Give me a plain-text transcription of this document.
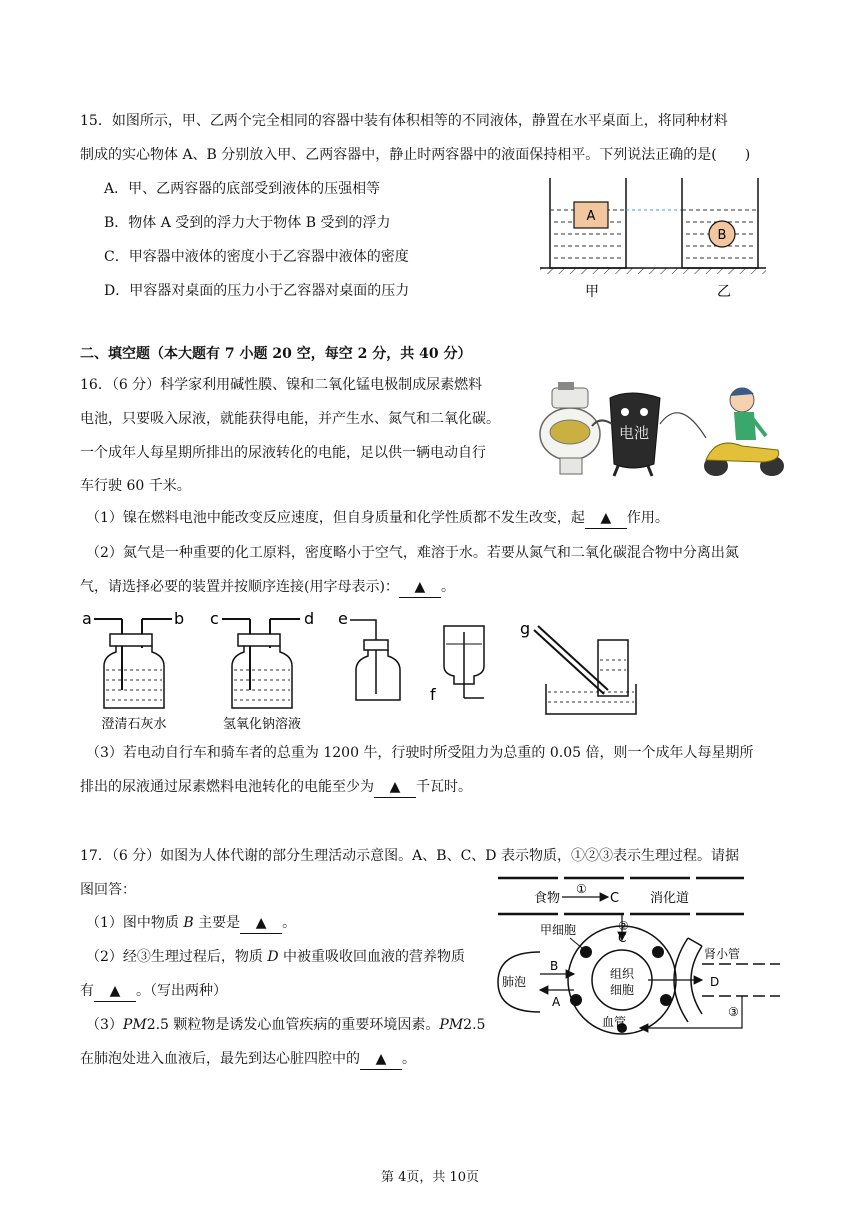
15．如图所示，甲、乙两个完全相同的容器中装有体积相等的不同液体，静置在水平桌面上，将同种材料
制成的实心物体 A、B 分别放入甲、乙两容器中，静止时两容器中的液面保持相平。下列说法正确的是(　　)
A．甲、乙两容器的底部受到液体的压强相等
B．物体 A 受到的浮力大于物体 B 受到的浮力
C．甲容器中液体的密度小于乙容器中液体的密度
D．甲容器对桌面的压力小于乙容器对桌面的压力
A
B
甲	乙
二、填空题（本大题有 7 小题 20 空，每空 2 分，共 40 分）
16．（6 分）科学家利用碱性膜、镍和二氧化锰电极制成尿素燃料
电池，只要吸入尿液，就能获得电能，并产生水、氮气和二氧化碳。
一个成年人每星期所排出的尿液转化的电能，足以供一辆电动自行
车行驶 60 千米。
电池
（1）镍在燃料电池中能改变反应速度，但自身质量和化学性质都不发生改变，起 ▲ 作用。
（2）氮气是一种重要的化工原料，密度略小于空气，难溶于水。若要从氮气和二氧化碳混合物中分离出氮
气，请选择必要的装置并按顺序连接(用字母表示)： ▲ 。
a	b
澄清石灰水
c	d
氢氧化钠溶液
e
f
g
（3）若电动自行车和骑车者的总重为 1200 牛，行驶时所受阻力为总重的 0.05 倍，则一个成年人每星期所
排出的尿液通过尿素燃料电池转化的电能至少为 ▲ 千瓦时。
17．（6 分）如图为人体代谢的部分生理活动示意图。A、B、C、D 表示物质，①②③表示生理过程。请据
图回答：
（1）图中物质 B 主要是 ▲ 。
（2）经③生理过程后，物质 D 中被重吸收回血液的营养物质
有 ▲ 。（写出两种）
（3）PM2.5 颗粒物是诱发心血管疾病的重要环境因素。PM2.5
在肺泡处进入血液后，最先到达心脏四腔中的 ▲ 。
食物
①
C 消化道
②
C
甲细胞
组织
细胞
肺泡
B
A
肾小管
D
③
血管
第 4页，共 10页
